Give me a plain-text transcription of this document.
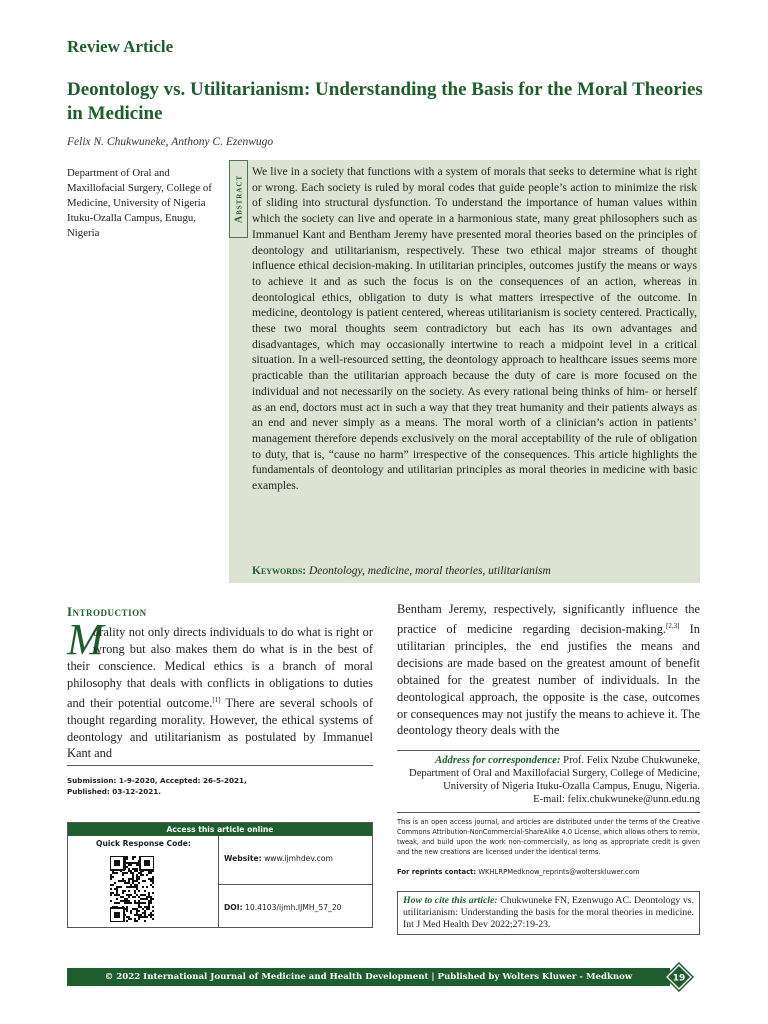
Review Article
Deontology vs. Utilitarianism: Understanding the Basis for the Moral Theories in Medicine
Felix N. Chukwuneke, Anthony C. Ezenwugo
Department of Oral and Maxillofacial Surgery, College of Medicine, University of Nigeria Ituku-Ozalla Campus, Enugu, Nigeria
Abstract

We live in a society that functions with a system of morals that seeks to determine what is right or wrong. Each society is ruled by moral codes that guide people’s action to minimize the risk of sliding into structural dysfunction. To understand the importance of human values within which the society can live and operate in a harmonious state, many great philosophers such as Immanuel Kant and Bentham Jeremy have presented moral theories based on the principles of deontology and utilitarianism, respectively. These two ethical major streams of thought influence ethical decision-making. In utilitarian principles, outcomes justify the means or ways to achieve it and as such the focus is on the consequences of an action, whereas in deontological ethics, obligation to duty is what matters irrespective of the outcome. In medicine, deontology is patient centered, whereas utilitarianism is society centered. Practically, these two moral thoughts seem contradictory but each has its own advantages and disadvantages, which may occasionally intertwine to reach a midpoint level in a critical situation. In a well-resourced setting, the deontology approach to healthcare issues seems more practicable than the utilitarian approach because the duty of care is more focused on the individual and not necessarily on the society. As every rational being thinks of him- or herself as an end, doctors must act in such a way that they treat humanity and their patients always as an end and never simply as a means. The moral worth of a clinician’s action in patients’ management therefore depends exclusively on the moral acceptability of the rule of obligation to duty, that is, “cause no harm” irrespective of the consequences. This article highlights the fundamentals of deontology and utilitarian principles as moral theories in medicine with basic examples.

Keywords: Deontology, medicine, moral theories, utilitarianism
Introduction
M

orality not only directs individuals to do what is right or wrong but also makes them do what is in the best of their conscience. Medical ethics is a branch of moral philosophy that deals with conflicts in obligations to duties and their potential outcome.[1] There are several schools of thought regarding morality. However, the ethical systems of deontology and utilitarianism as postulated by Immanuel Kant and

Bentham Jeremy, respectively, significantly influence the practice of medicine regarding decision-making.[2,3] In utilitarian principles, the end justifies the means and decisions are made based on the greatest amount of benefit obtained for the greatest number of individuals. In the deontological approach, the opposite is the case, outcomes or consequences may not justify the means to achieve it. The deontology theory deals with the

Submission: 1-9-2020, Accepted: 26-5-2021,
Published: 03-12-2021.
Access this article online
Quick Response Code:
Website: www.ijmhdev.com
DOI: 10.4103/ijmh.IJMH_57_20
Address for correspondence: Prof. Felix Nzube Chukwuneke,
Department of Oral and Maxillofacial Surgery, College of Medicine,
University of Nigeria Ituku-Ozalla Campus, Enugu, Nigeria.
E-mail: felix.chukwuneke@unn.edu.ng
This is an open access journal, and articles are distributed under the terms of the Creative Commons Attribution-NonCommercial-ShareAlike 4.0 License, which allows others to remix, tweak, and build upon the work non-commercially, as long as appropriate credit is given and the new creations are licensed under the identical terms.
For reprints contact: WKHLRPMedknow_reprints@wolterskluwer.com
How to cite this article: Chukwuneke FN, Ezenwugo AC. Deontology vs. utilitarianism: Understanding the basis for the moral theories in medicine. Int J Med Health Dev 2022;27:19-23.
© 2022 International Journal of Medicine and Health Development | Published by Wolters Kluwer - Medknow	19
